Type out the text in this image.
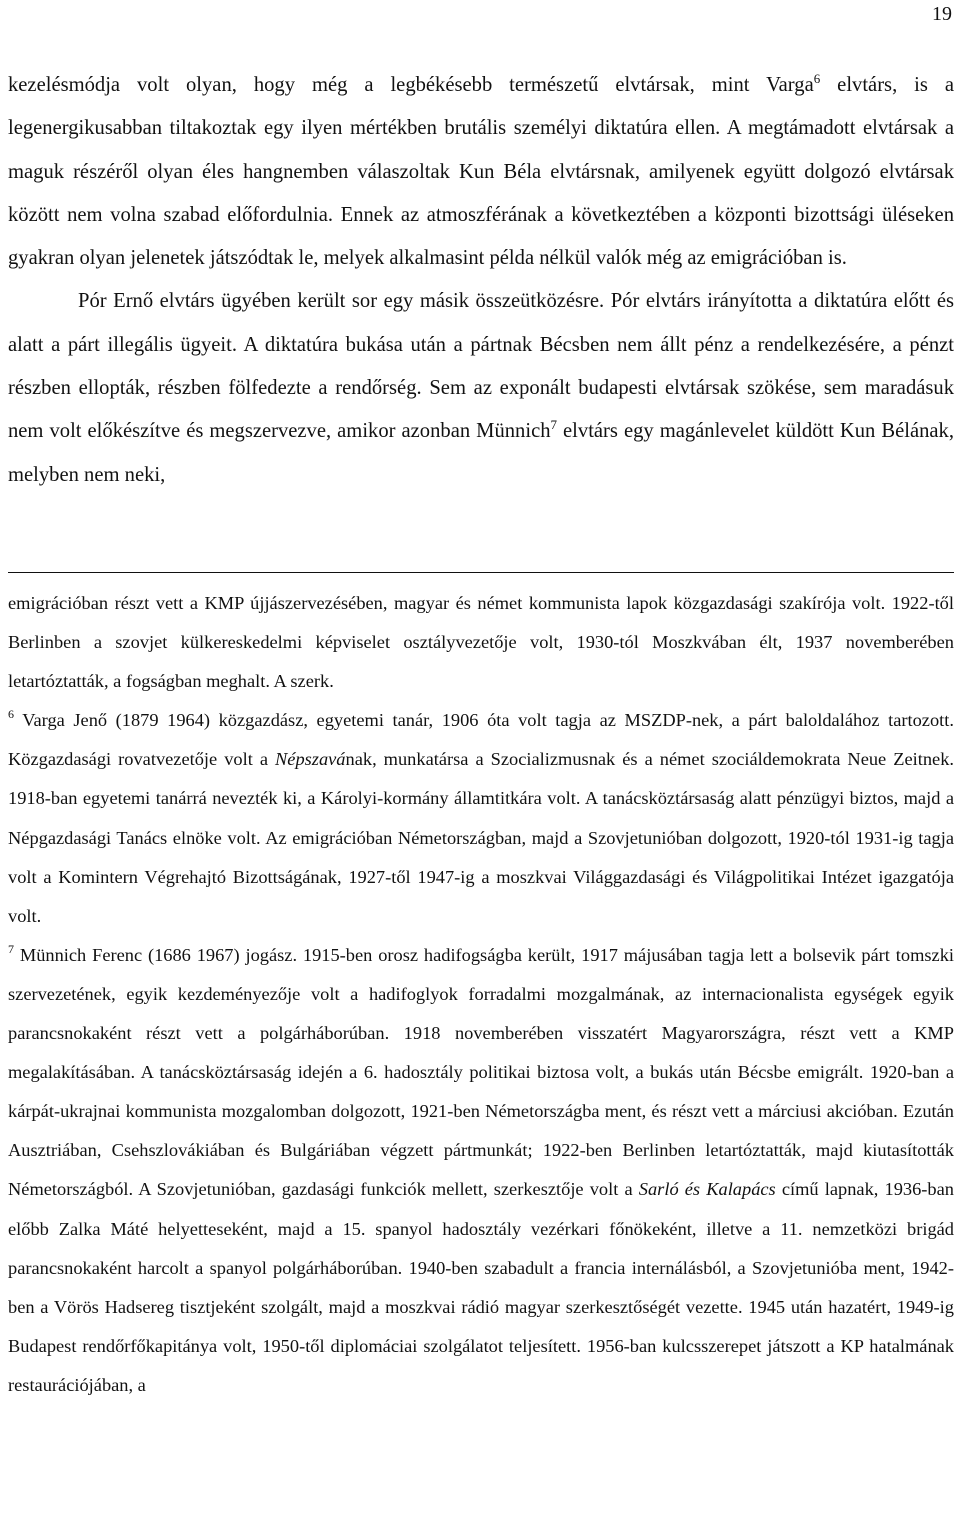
19

kezelésmódja volt olyan, hogy még a legbékésebb természetű elvtársak, mint Varga$^6$ elvtárs, is a legenergikusabban tiltakoztak egy ilyen mértékben brutális személyi diktatúra ellen. A megtámadott elvtársak a maguk részéről olyan éles hangnemben válaszoltak Kun Béla elvtársnak, amilyenek együtt dolgozó elvtársak között nem volna szabad előfordulnia. Ennek az atmoszférának a következtében a központi bizottsági üléseken gyakran olyan jelenetek játszódtak le, melyek alkalmasint példa nélkül valók még az emigrációban is.

Pór Ernő elvtárs ügyében került sor egy másik összeütközésre. Pór elvtárs irányította a diktatúra előtt és alatt a párt illegális ügyeit. A diktatúra bukása után a pártnak Bécsben nem állt pénz a rendelkezésére, a pénzt részben ellopták, részben fölfedezte a rendőrség. Sem az exponált budapesti elvtársak szökése, sem maradásuk nem volt előkészítve és megszervezve, amikor azonban Münnich$^7$ elvtárs egy magánlevelet küldött Kun Bélának, melyben nem neki,

emigrációban részt vett a KMP újjászervezésében, magyar és német kommunista lapok közgazdasági szakírója volt. 1922-től Berlinben a szovjet külkereskedelmi képviselet osztályvezetője volt, 1930-tól Moszkvában élt, 1937 novemberében letartóztatták, a fogságban meghalt. A szerk.

$^6$ Varga Jenő (1879 1964) közgazdász, egyetemi tanár, 1906 óta volt tagja az MSZDP-nek, a párt baloldalához tartozott. Közgazdasági rovatvezetője volt a Népszavának, munkatársa a Szocializmusnak és a német szociáldemokrata Neue Zeitnek. 1918-ban egyetemi tanárrá nevezték ki, a Károlyi-kormány államtitkára volt. A tanácsköztársaság alatt pénzügyi biztos, majd a Népgazdasági Tanács elnöke volt. Az emigrációban Németországban, majd a Szovjetunióban dolgozott, 1920-tól 1931-ig tagja volt a Komintern Végrehajtó Bizottságának, 1927-től 1947-ig a moszkvai Világgazdasági és Világpolitikai Intézet igazgatója volt.

$^7$ Münnich Ferenc (1686 1967) jogász. 1915-ben orosz hadifogságba került, 1917 májusában tagja lett a bolsevik párt tomszki szervezetének, egyik kezdeményezője volt a hadifoglyok forradalmi mozgalmának, az internacionalista egységek egyik parancsnokaként részt vett a polgárháborúban. 1918 novemberében visszatért Magyarországra, részt vett a KMP megalakításában. A tanácsköztársaság idején a 6. hadosztály politikai biztosa volt, a bukás után Bécsbe emigrált. 1920-ban a kárpát-ukrajnai kommunista mozgalomban dolgozott, 1921-ben Németországba ment, és részt vett a márciusi akcióban. Ezután Ausztriában, Csehszlovákiában és Bulgáriában végzett pártmunkát; 1922-ben Berlinben letartóztatták, majd kiutasították Németországból. A Szovjetunióban, gazdasági funkciók mellett, szerkesztője volt a Sarló és Kalapács című lapnak, 1936-ban előbb Zalka Máté helyetteseként, majd a 15. spanyol hadosztály vezérkari főnökeként, illetve a 11. nemzetközi brigád parancsnokaként harcolt a spanyol polgárháborúban. 1940-ben szabadult a francia internálásból, a Szovjetunióba ment, 1942-ben a Vörös Hadsereg tisztjeként szolgált, majd a moszkvai rádió magyar szerkesztőségét vezette. 1945 után hazatért, 1949-ig Budapest rendőrfőkapitánya volt, 1950-től diplomáciai szolgálatot teljesített. 1956-ban kulcsszerepet játszott a KP hatalmának restaurációjában, a
